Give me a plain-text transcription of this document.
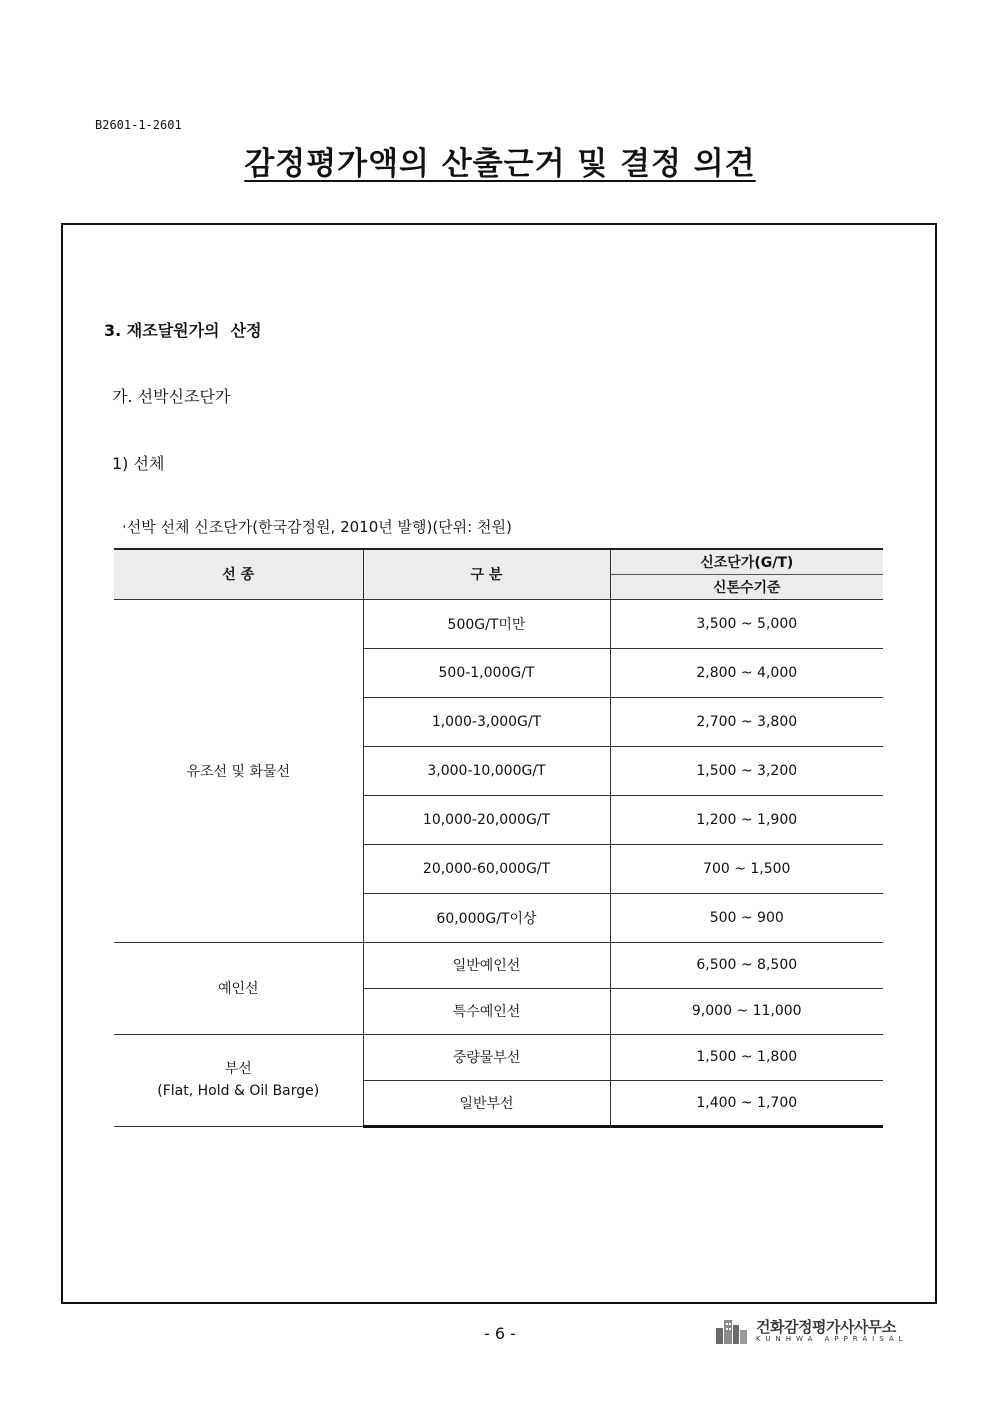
B2601-1-2601
감정평가액의 산출근거 및 결정 의견
3. 재조달원가의  산정
가. 선박신조단가
1) 선체
·선박 선체 신조단가(한국감정원, 2010년 발행)(단위: 천원)
선 종	구 분	신조단가(G/T)
		신톤수기준
유조선 및 화물선	500G/T미만	3,500 ~ 5,000
	500-1,000G/T	2,800 ~ 4,000
	1,000-3,000G/T	2,700 ~ 3,800
	3,000-10,000G/T	1,500 ~ 3,200
	10,000-20,000G/T	1,200 ~ 1,900
	20,000-60,000G/T	700 ~ 1,500
	60,000G/T이상	500 ~ 900
예인선	일반예인선	6,500 ~ 8,500
	특수예인선	9,000 ~ 11,000

부선
(Flat, Hold & Oil Barge)	중량물부선	1,500 ~ 1,800
	일반부선	1,400 ~ 1,700
- 6 -	건화감정평가사사무소
KUNHWA APPRAISAL
